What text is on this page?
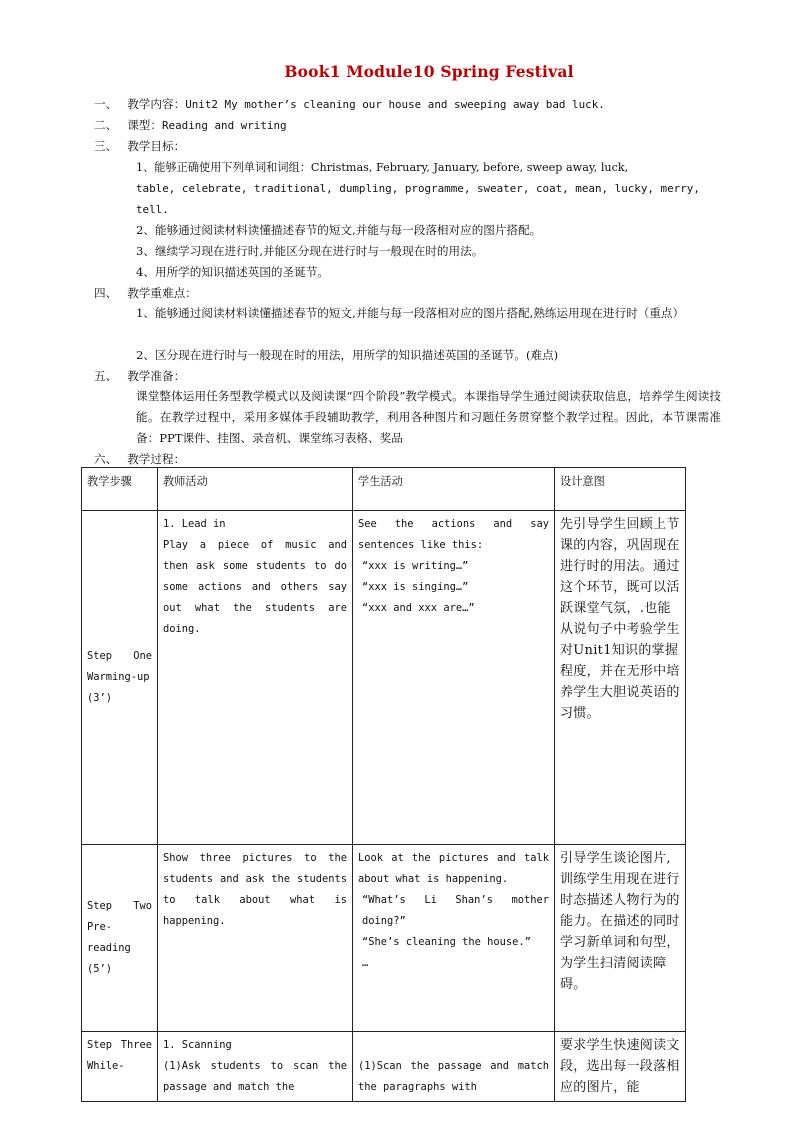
Book1 Module10 Spring Festival
一、 教学内容：Unit2 My mother’s cleaning our house and sweeping away bad luck.
二、 课型：Reading and writing
三、 教学目标：
1、能够正确使用下列单词和词组：Christmas, February, January, before, sweep away, luck,
table, celebrate, traditional, dumpling, programme, sweater, coat, mean, lucky, merry,
tell.
2、能够通过阅读材料读懂描述春节的短文,并能与每一段落相对应的图片搭配。
3、继续学习现在进行时,并能区分现在进行时与一般现在时的用法。
4、用所学的知识描述英国的圣诞节。
四、 教学重难点：
1、能够通过阅读材料读懂描述春节的短文,并能与每一段落相对应的图片搭配,熟练运用现在进行时（重点）
2、区分现在进行时与一般现在时的用法，用所学的知识描述英国的圣诞节。(难点)
五、 教学准备：
课堂整体运用任务型教学模式以及阅读课“四个阶段”教学模式。本课指导学生通过阅读获取信息，培养学生阅读技能。在教学过程中，采用多媒体手段辅助教学，利用各种图片和习题任务贯穿整个教学过程。因此，本节课需准备：PPT课件、挂图、录音机、课堂练习表格、奖品
六、 教学过程：
教学步骤	教师活动	学生活动	设计意图
Step One Warming-up (3’)	1. Lead in
Play a piece of music and then ask some students to do some actions and others say out what the students are doing.	See the actions and say sentences like this:
“xxx is writing…”
“xxx is singing…”
“xxx and xxx are…”	先引导学生回顾上节课的内容，巩固现在进行时的用法。通过这个环节，既可以活跃课堂气氛，.也能从说句子中考验学生对Unit1知识的掌握程度，并在无形中培养学生大胆说英语的习惯。
Step Two Pre-reading (5’)	Show three pictures to the students and ask the students to talk about what is happening.	Look at the pictures and talk about what is happening.
“What’s Li Shan’s mother doing?”
“She’s cleaning the house.”
…	引导学生谈论图片,训练学生用现在进行时态描述人物行为的能力。在描述的同时学习新单词和句型，为学生扫清阅读障碍。
Step Three While-	1. Scanning
(1)Ask students to scan the passage and match the	(1)Scan the passage and match the paragraphs with	要求学生快速阅读文段，选出每一段落相应的图片，能
